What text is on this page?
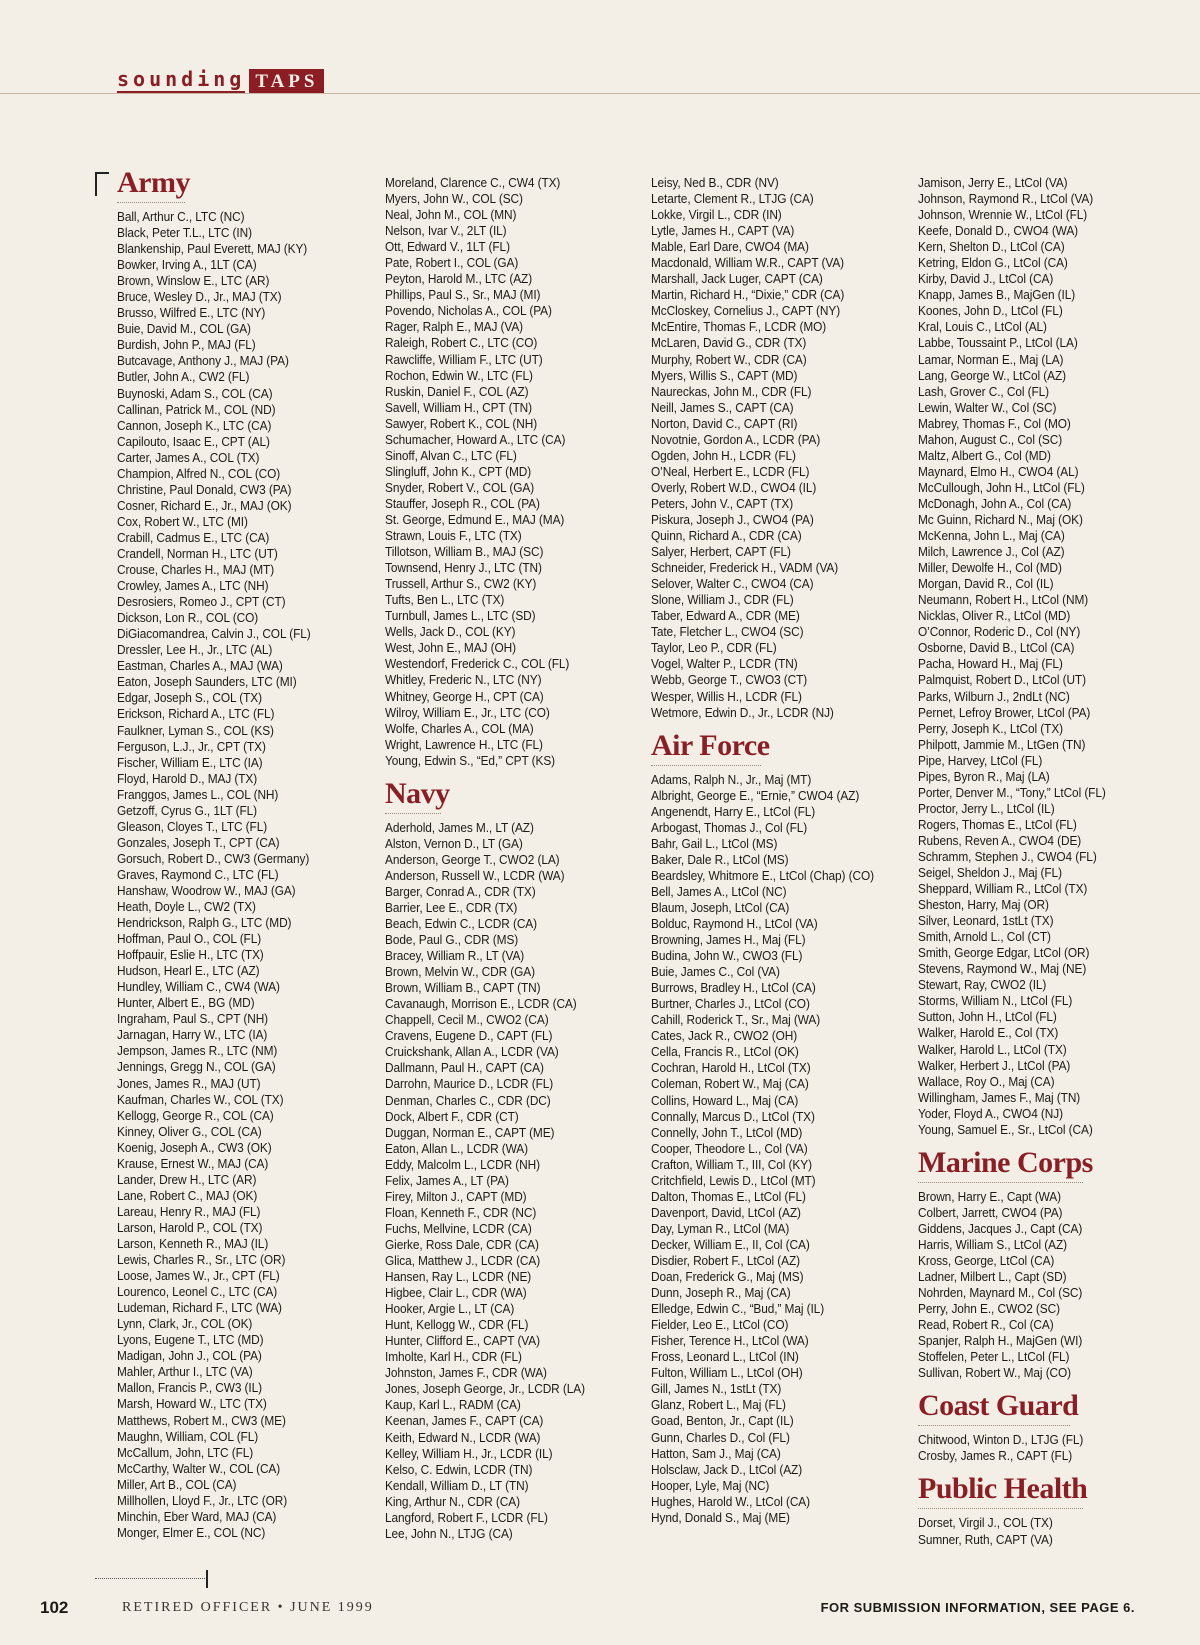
sounding TAPS
Army
Ball, Arthur C., LTC (NC)
Black, Peter T.L., LTC (IN)
Blankenship, Paul Everett, MAJ (KY)
Bowker, Irving A., 1LT (CA)
Brown, Winslow E., LTC (AR)
Bruce, Wesley D., Jr., MAJ (TX)
Brusso, Wilfred E., LTC (NY)
Buie, David M., COL (GA)
Burdish, John P., MAJ (FL)
Butcavage, Anthony J., MAJ (PA)
Butler, John A., CW2 (FL)
Buynoski, Adam S., COL (CA)
Callinan, Patrick M., COL (ND)
Cannon, Joseph K., LTC (CA)
Capilouto, Isaac E., CPT (AL)
Carter, James A., COL (TX)
Champion, Alfred N., COL (CO)
Christine, Paul Donald, CW3 (PA)
Cosner, Richard E., Jr., MAJ (OK)
Cox, Robert W., LTC (MI)
Crabill, Cadmus E., LTC (CA)
Crandell, Norman H., LTC (UT)
Crouse, Charles H., MAJ (MT)
Crowley, James A., LTC (NH)
Desrosiers, Romeo J., CPT (CT)
Dickson, Lon R., COL (CO)
DiGiacomandrea, Calvin J., COL (FL)
Dressler, Lee H., Jr., LTC (AL)
Eastman, Charles A., MAJ (WA)
Eaton, Joseph Saunders, LTC (MI)
Edgar, Joseph S., COL (TX)
Erickson, Richard A., LTC (FL)
Faulkner, Lyman S., COL (KS)
Ferguson, L.J., Jr., CPT (TX)
Fischer, William E., LTC (IA)
Floyd, Harold D., MAJ (TX)
Franggos, James L., COL (NH)
Getzoff, Cyrus G., 1LT (FL)
Gleason, Cloyes T., LTC (FL)
Gonzales, Joseph T., CPT (CA)
Gorsuch, Robert D., CW3 (Germany)
Graves, Raymond C., LTC (FL)
Hanshaw, Woodrow W., MAJ (GA)
Heath, Doyle L., CW2 (TX)
Hendrickson, Ralph G., LTC (MD)
Hoffman, Paul O., COL (FL)
Hoffpauir, Eslie H., LTC (TX)
Hudson, Hearl E., LTC (AZ)
Hundley, William C., CW4 (WA)
Hunter, Albert E., BG (MD)
Ingraham, Paul S., CPT (NH)
Jarnagan, Harry W., LTC (IA)
Jempson, James R., LTC (NM)
Jennings, Gregg N., COL (GA)
Jones, James R., MAJ (UT)
Kaufman, Charles W., COL (TX)
Kellogg, George R., COL (CA)
Kinney, Oliver G., COL (CA)
Koenig, Joseph A., CW3 (OK)
Krause, Ernest W., MAJ (CA)
Lander, Drew H., LTC (AR)
Lane, Robert C., MAJ (OK)
Lareau, Henry R., MAJ (FL)
Larson, Harold P., COL (TX)
Larson, Kenneth R., MAJ (IL)
Lewis, Charles R., Sr., LTC (OR)
Loose, James W., Jr., CPT (FL)
Lourenco, Leonel C., LTC (CA)
Ludeman, Richard F., LTC (WA)
Lynn, Clark, Jr., COL (OK)
Lyons, Eugene T., LTC (MD)
Madigan, John J., COL (PA)
Mahler, Arthur I., LTC (VA)
Mallon, Francis P., CW3 (IL)
Marsh, Howard W., LTC (TX)
Matthews, Robert M., CW3 (ME)
Maughn, William, COL (FL)
McCallum, John, LTC (FL)
McCarthy, Walter W., COL (CA)
Miller, Art B., COL (CA)
Millhollen, Lloyd F., Jr., LTC (OR)
Minchin, Eber Ward, MAJ (CA)
Monger, Elmer E., COL (NC)
Moreland, Clarence C., CW4 (TX)
Myers, John W., COL (SC)
Neal, John M., COL (MN)
Nelson, Ivar V., 2LT (IL)
Ott, Edward V., 1LT (FL)
Pate, Robert I., COL (GA)
Peyton, Harold M., LTC (AZ)
Phillips, Paul S., Sr., MAJ (MI)
Povendo, Nicholas A., COL (PA)
Rager, Ralph E., MAJ (VA)
Raleigh, Robert C., LTC (CO)
Rawcliffe, William F., LTC (UT)
Rochon, Edwin W., LTC (FL)
Ruskin, Daniel F., COL (AZ)
Savell, William H., CPT (TN)
Sawyer, Robert K., COL (NH)
Schumacher, Howard A., LTC (CA)
Sinoff, Alvan C., LTC (FL)
Slingluff, John K., CPT (MD)
Snyder, Robert V., COL (GA)
Stauffer, Joseph R., COL (PA)
St. George, Edmund E., MAJ (MA)
Strawn, Louis F., LTC (TX)
Tillotson, William B., MAJ (SC)
Townsend, Henry J., LTC (TN)
Trussell, Arthur S., CW2 (KY)
Tufts, Ben L., LTC (TX)
Turnbull, James L., LTC (SD)
Wells, Jack D., COL (KY)
West, John E., MAJ (OH)
Westendorf, Frederick C., COL (FL)
Whitley, Frederic N., LTC (NY)
Whitney, George H., CPT (CA)
Wilroy, William E., Jr., LTC (CO)
Wolfe, Charles A., COL (MA)
Wright, Lawrence H., LTC (FL)
Young, Edwin S., “Ed,” CPT (KS)
Navy
Aderhold, James M., LT (AZ)
Alston, Vernon D., LT (GA)
Anderson, George T., CWO2 (LA)
Anderson, Russell W., LCDR (WA)
Barger, Conrad A., CDR (TX)
Barrier, Lee E., CDR (TX)
Beach, Edwin C., LCDR (CA)
Bode, Paul G., CDR (MS)
Bracey, William R., LT (VA)
Brown, Melvin W., CDR (GA)
Brown, William B., CAPT (TN)
Cavanaugh, Morrison E., LCDR (CA)
Chappell, Cecil M., CWO2 (CA)
Cravens, Eugene D., CAPT (FL)
Cruickshank, Allan A., LCDR (VA)
Dallmann, Paul H., CAPT (CA)
Darrohn, Maurice D., LCDR (FL)
Denman, Charles C., CDR (DC)
Dock, Albert F., CDR (CT)
Duggan, Norman E., CAPT (ME)
Eaton, Allan L., LCDR (WA)
Eddy, Malcolm L., LCDR (NH)
Felix, James A., LT (PA)
Firey, Milton J., CAPT (MD)
Floan, Kenneth F., CDR (NC)
Fuchs, Mellvine, LCDR (CA)
Gierke, Ross Dale, CDR (CA)
Glica, Matthew J., LCDR (CA)
Hansen, Ray L., LCDR (NE)
Higbee, Clair L., CDR (WA)
Hooker, Argie L., LT (CA)
Hunt, Kellogg W., CDR (FL)
Hunter, Clifford E., CAPT (VA)
Imholte, Karl H., CDR (FL)
Johnston, James F., CDR (WA)
Jones, Joseph George, Jr., LCDR (LA)
Kaup, Karl L., RADM (CA)
Keenan, James F., CAPT (CA)
Keith, Edward N., LCDR (WA)
Kelley, William H., Jr., LCDR (IL)
Kelso, C. Edwin, LCDR (TN)
Kendall, William D., LT (TN)
King, Arthur N., CDR (CA)
Langford, Robert F., LCDR (FL)
Lee, John N., LTJG (CA)
Leisy, Ned B., CDR (NV)
Letarte, Clement R., LTJG (CA)
Lokke, Virgil L., CDR (IN)
Lytle, James H., CAPT (VA)
Mable, Earl Dare, CWO4 (MA)
Macdonald, William W.R., CAPT (VA)
Marshall, Jack Luger, CAPT (CA)
Martin, Richard H., “Dixie,” CDR (CA)
McCloskey, Cornelius J., CAPT (NY)
McEntire, Thomas F., LCDR (MO)
McLaren, David G., CDR (TX)
Murphy, Robert W., CDR (CA)
Myers, Willis S., CAPT (MD)
Naureckas, John M., CDR (FL)
Neill, James S., CAPT (CA)
Norton, David C., CAPT (RI)
Novotnie, Gordon A., LCDR (PA)
Ogden, John H., LCDR (FL)
O’Neal, Herbert E., LCDR (FL)
Overly, Robert W.D., CWO4 (IL)
Peters, John V., CAPT (TX)
Piskura, Joseph J., CWO4 (PA)
Quinn, Richard A., CDR (CA)
Salyer, Herbert, CAPT (FL)
Schneider, Frederick H., VADM (VA)
Selover, Walter C., CWO4 (CA)
Slone, William J., CDR (FL)
Taber, Edward A., CDR (ME)
Tate, Fletcher L., CWO4 (SC)
Taylor, Leo P., CDR (FL)
Vogel, Walter P., LCDR (TN)
Webb, George T., CWO3 (CT)
Wesper, Willis H., LCDR (FL)
Wetmore, Edwin D., Jr., LCDR (NJ)
Air Force
Adams, Ralph N., Jr., Maj (MT)
Albright, George E., “Ernie,” CWO4 (AZ)
Angenendt, Harry E., LtCol (FL)
Arbogast, Thomas J., Col (FL)
Bahr, Gail L., LtCol (MS)
Baker, Dale R., LtCol (MS)
Beardsley, Whitmore E., LtCol (Chap) (CO)
Bell, James A., LtCol (NC)
Blaum, Joseph, LtCol (CA)
Bolduc, Raymond H., LtCol (VA)
Browning, James H., Maj (FL)
Budina, John W., CWO3 (FL)
Buie, James C., Col (VA)
Burrows, Bradley H., LtCol (CA)
Burtner, Charles J., LtCol (CO)
Cahill, Roderick T., Sr., Maj (WA)
Cates, Jack R., CWO2 (OH)
Cella, Francis R., LtCol (OK)
Cochran, Harold H., LtCol (TX)
Coleman, Robert W., Maj (CA)
Collins, Howard L., Maj (CA)
Connally, Marcus D., LtCol (TX)
Connelly, John T., LtCol (MD)
Cooper, Theodore L., Col (VA)
Crafton, William T., III, Col (KY)
Critchfield, Lewis D., LtCol (MT)
Dalton, Thomas E., LtCol (FL)
Davenport, David, LtCol (AZ)
Day, Lyman R., LtCol (MA)
Decker, William E., II, Col (CA)
Disdier, Robert F., LtCol (AZ)
Doan, Frederick G., Maj (MS)
Dunn, Joseph R., Maj (CA)
Elledge, Edwin C., “Bud,” Maj (IL)
Fielder, Leo E., LtCol (CO)
Fisher, Terence H., LtCol (WA)
Fross, Leonard L., LtCol (IN)
Fulton, William L., LtCol (OH)
Gill, James N., 1stLt (TX)
Glanz, Robert L., Maj (FL)
Goad, Benton, Jr., Capt (IL)
Gunn, Charles D., Col (FL)
Hatton, Sam J., Maj (CA)
Holsclaw, Jack D., LtCol (AZ)
Hooper, Lyle, Maj (NC)
Hughes, Harold W., LtCol (CA)
Hynd, Donald S., Maj (ME)
Jamison, Jerry E., LtCol (VA)
Johnson, Raymond R., LtCol (VA)
Johnson, Wrennie W., LtCol (FL)
Keefe, Donald D., CWO4 (WA)
Kern, Shelton D., LtCol (CA)
Ketring, Eldon G., LtCol (CA)
Kirby, David J., LtCol (CA)
Knapp, James B., MajGen (IL)
Koones, John D., LtCol (FL)
Kral, Louis C., LtCol (AL)
Labbe, Toussaint P., LtCol (LA)
Lamar, Norman E., Maj (LA)
Lang, George W., LtCol (AZ)
Lash, Grover C., Col (FL)
Lewin, Walter W., Col (SC)
Mabrey, Thomas F., Col (MO)
Mahon, August C., Col (SC)
Maltz, Albert G., Col (MD)
Maynard, Elmo H., CWO4 (AL)
McCullough, John H., LtCol (FL)
McDonagh, John A., Col (CA)
Mc Guinn, Richard N., Maj (OK)
McKenna, John L., Maj (CA)
Milch, Lawrence J., Col (AZ)
Miller, Dewolfe H., Col (MD)
Morgan, David R., Col (IL)
Neumann, Robert H., LtCol (NM)
Nicklas, Oliver R., LtCol (MD)
O’Connor, Roderic D., Col (NY)
Osborne, David B., LtCol (CA)
Pacha, Howard H., Maj (FL)
Palmquist, Robert D., LtCol (UT)
Parks, Wilburn J., 2ndLt (NC)
Pernet, Lefroy Brower, LtCol (PA)
Perry, Joseph K., LtCol (TX)
Philpott, Jammie M., LtGen (TN)
Pipe, Harvey, LtCol (FL)
Pipes, Byron R., Maj (LA)
Porter, Denver M., “Tony,” LtCol (FL)
Proctor, Jerry L., LtCol (IL)
Rogers, Thomas E., LtCol (FL)
Rubens, Reven A., CWO4 (DE)
Schramm, Stephen J., CWO4 (FL)
Seigel, Sheldon J., Maj (FL)
Sheppard, William R., LtCol (TX)
Sheston, Harry, Maj (OR)
Silver, Leonard, 1stLt (TX)
Smith, Arnold L., Col (CT)
Smith, George Edgar, LtCol (OR)
Stevens, Raymond W., Maj (NE)
Stewart, Ray, CWO2 (IL)
Storms, William N., LtCol (FL)
Sutton, John H., LtCol (FL)
Walker, Harold E., Col (TX)
Walker, Harold L., LtCol (TX)
Walker, Herbert J., LtCol (PA)
Wallace, Roy O., Maj (CA)
Willingham, James F., Maj (TN)
Yoder, Floyd A., CWO4 (NJ)
Young, Samuel E., Sr., LtCol (CA)
Marine Corps
Brown, Harry E., Capt (WA)
Colbert, Jarrett, CWO4 (PA)
Giddens, Jacques J., Capt (CA)
Harris, William S., LtCol (AZ)
Kross, George, LtCol (CA)
Ladner, Milbert L., Capt (SD)
Nohrden, Maynard M., Col (SC)
Perry, John E., CWO2 (SC)
Read, Robert R., Col (CA)
Spanjer, Ralph H., MajGen (WI)
Stoffelen, Peter L., LtCol (FL)
Sullivan, Robert W., Maj (CO)
Coast Guard
Chitwood, Winton D., LTJG (FL)
Crosby, James R., CAPT (FL)
Public Health
Dorset, Virgil J., COL (TX)
Sumner, Ruth, CAPT (VA)
102	RETIRED OFFICER • JUNE 1999	FOR SUBMISSION INFORMATION, SEE PAGE 6.
